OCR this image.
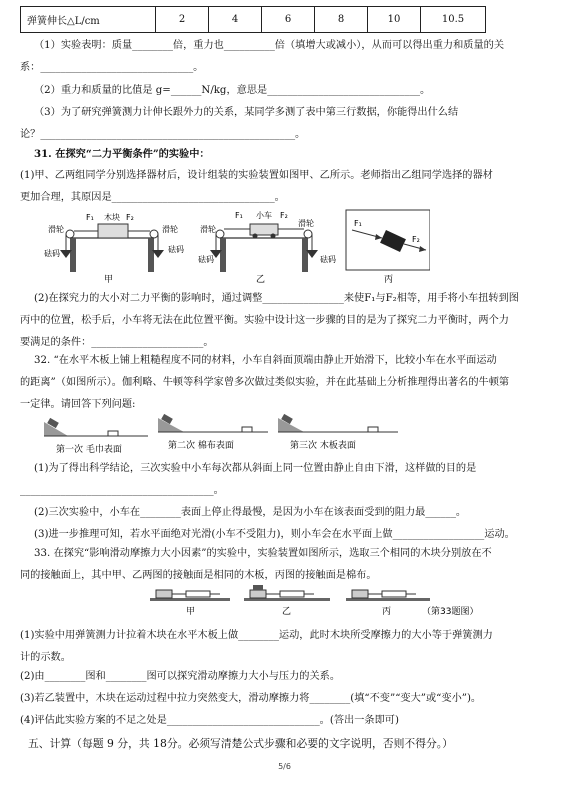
弹簧伸长△L/cm	2	4	6	8	10	10.5
（1）实验表明：质量________倍，重力也__________倍（填增大或减小），从而可以得出重力和质量的关
系：______________________________。
（2）重力和质量的比值是 g=______N/kg，意思是______________________________。
（3）为了研究弹簧测力计伸长跟外力的关系，某同学多测了表中第三行数据，你能得出什么结
论？__________________________________________________。
31. 在探究“二力平衡条件”的实验中：
(1)甲、乙两组同学分别选择器材后，设计组装的实验装置如图甲、乙所示。老师指出乙组同学选择的器材
更加合理，其原因是________________________________。
F₁ 木块 F₂
滑轮	滑轮
砝码	砝码
甲
F₁ 小车 F₂
滑轮
滑轮
砝码	砝码
乙
F₁
F₂
丙
(2)在探究力的大小对二力平衡的影响时，通过调整________________来使F₁与F₂相等，用手将小车扭转到图
丙中的位置，松手后，小车将无法在此位置平衡。实验中设计这一步骤的目的是为了探究二力平衡时，两个力
要满足的条件：______________________。
32. “在水平木板上铺上粗糙程度不同的材料，小车自斜面顶端由静止开始滑下，比较小车在水平面运动
的距离”（如图所示）。伽利略、牛顿等科学家曾多次做过类似实验，并在此基础上分析推理得出著名的牛顿第
一定律。请回答下列问题:
第一次 毛巾表面	第二次 棉布表面	第三次 木板表面
(1)为了得出科学结论，三次实验中小车每次都从斜面上同一位置由静止自由下滑，这样做的目的是
______________________________________。
(2)三次实验中，小车在________表面上停止得最慢，是因为小车在该表面受到的阻力最______。
(3)进一步推理可知，若水平面绝对光滑(小车不受阻力)，则小车会在水平面上做__________________运动。
33. 在探究“影响滑动摩擦力大小因素”的实验中，实验装置如图所示，选取三个相同的木块分别放在不
同的接触面上，其中甲、乙两图的接触面是相同的木板，丙图的接触面是棉布。
甲	乙	丙	（第33题图）
(1)实验中用弹簧测力计拉着木块在水平木板上做________运动，此时木块所受摩擦力的大小等于弹簧测力
计的示数。
(2)由________图和________图可以探究滑动摩擦力大小与压力的关系。
(3)若乙装置中，木块在运动过程中拉力突然变大，滑动摩擦力将________(填“不变”“变大”或“变小”)。
(4)评估此实验方案的不足之处是______________________________。(答出一条即可)
五、计算（每题 9 分，共 18分。必须写清楚公式步骤和必要的文字说明，否则不得分。）
5/6
